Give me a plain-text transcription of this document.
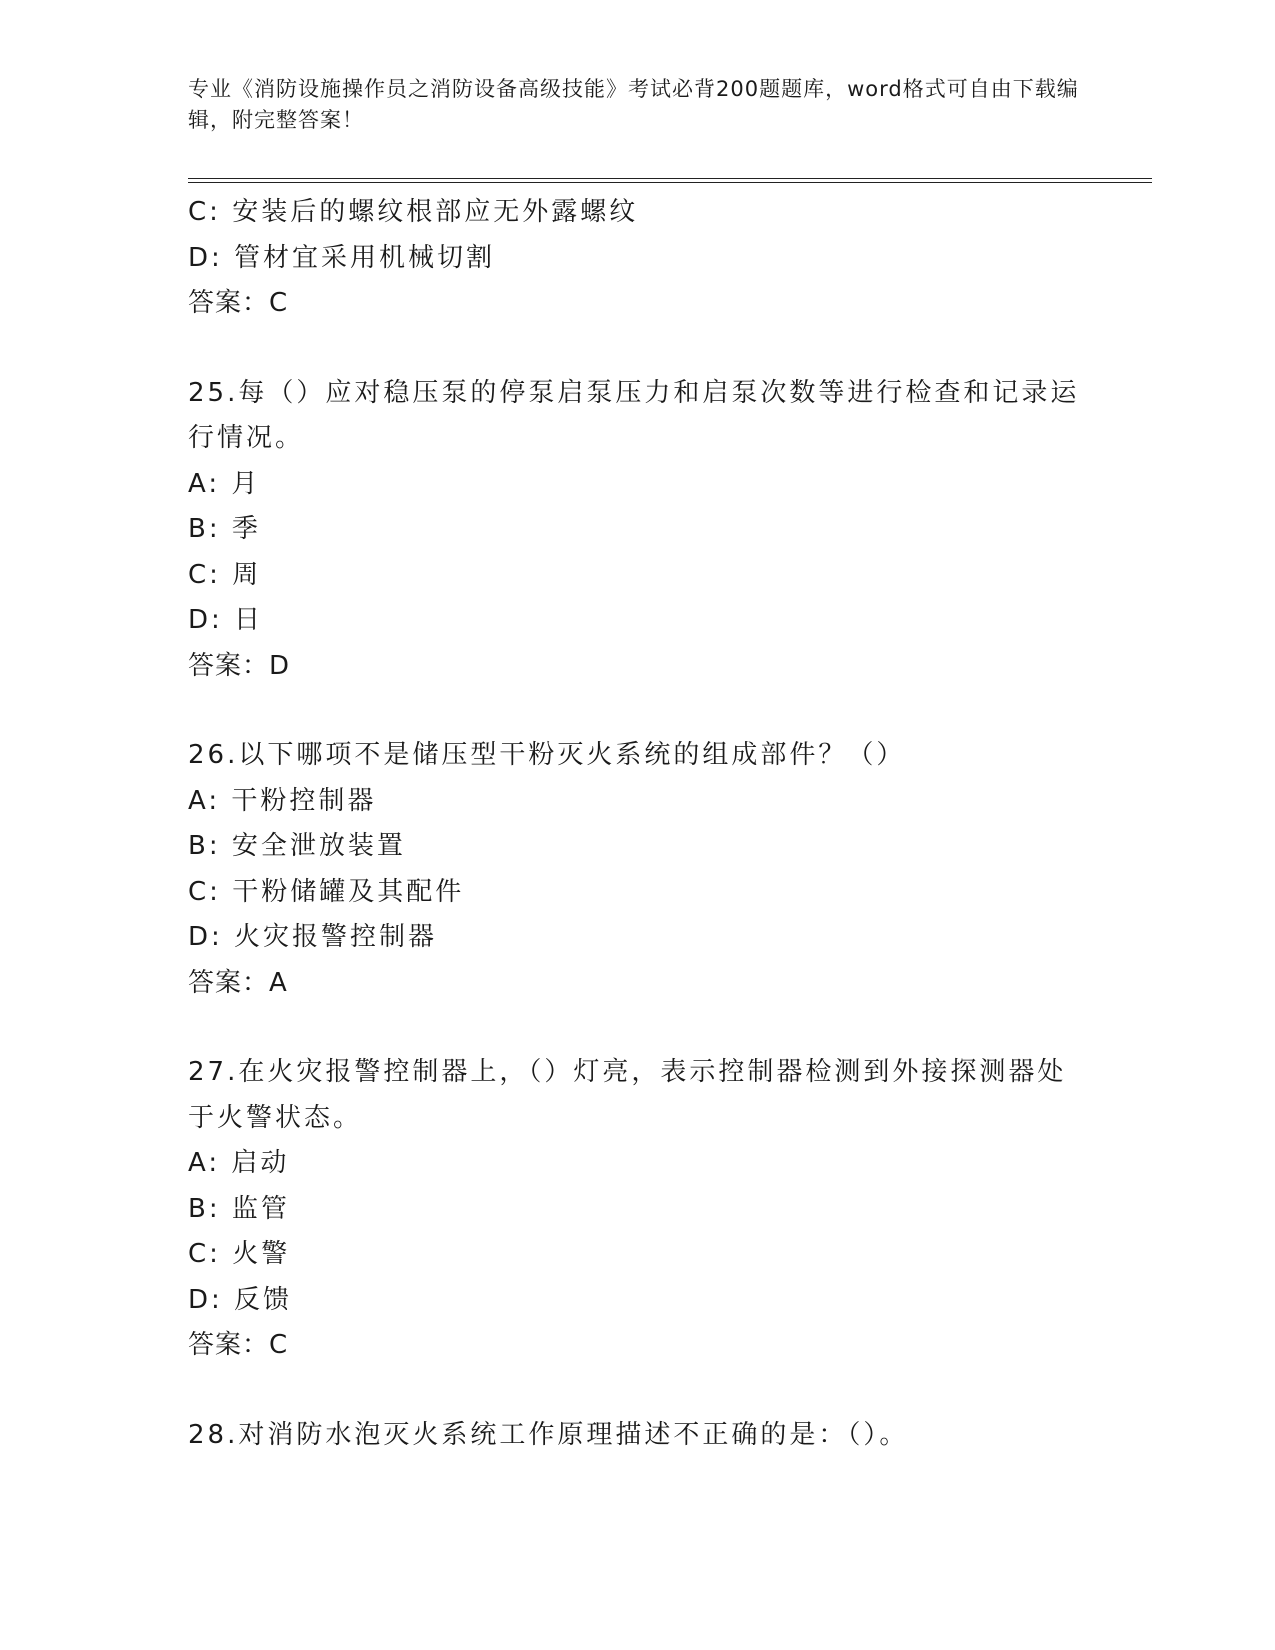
专业《消防设施操作员之消防设备高级技能》考试必背200题题库，word格式可自由下载编辑，附完整答案！
C: 安装后的螺纹根部应无外露螺纹
D: 管材宜采用机械切割
答案：C
25.每（）应对稳压泵的停泵启泵压力和启泵次数等进行检查和记录运
行情况。
A: 月
B: 季
C: 周
D: 日
答案：D
26.以下哪项不是储压型干粉灭火系统的组成部件？（）
A: 干粉控制器
B: 安全泄放装置
C: 干粉储罐及其配件
D: 火灾报警控制器
答案：A
27.在火灾报警控制器上，（）灯亮，表示控制器检测到外接探测器处
于火警状态。
A: 启动
B: 监管
C: 火警
D: 反馈
答案：C
28.对消防水泡灭火系统工作原理描述不正确的是：（）。
